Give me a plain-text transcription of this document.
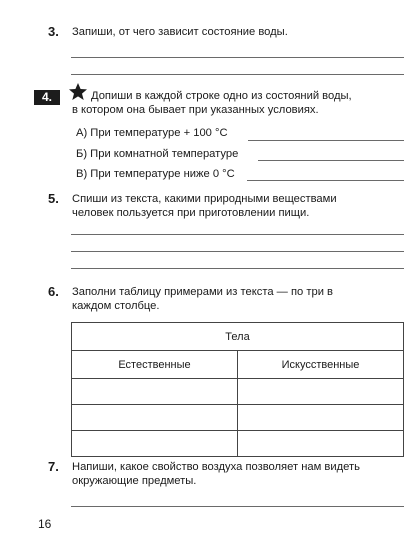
3. Запиши, от чего зависит состояние воды.
4.	Допиши в каждой строке одно из состояний воды,
в котором она бывает при указанных условиях.
А) При температуре + 100 °С
Б) При комнатной температуре
В) При температуре ниже 0 °С
5. Спиши из текста, какими природными веществами
человек пользуется при приготовлении пищи.
6. Заполни таблицу примерами из текста — по три в
каждом столбце.
Тела	
Естественные	Искусственные

7. Напиши, какое свойство воздуха позволяет нам видеть
окружающие предметы.
16
